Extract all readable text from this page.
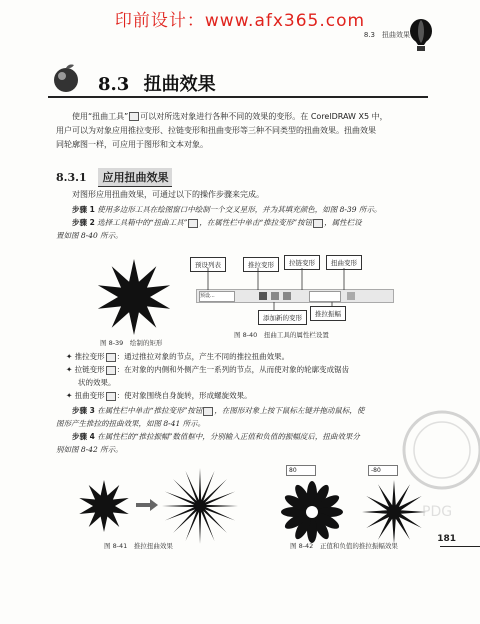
印前设计：www.afx365.com
8.3　扭曲效果
8.3 扭曲效果

使用“扭曲工具” 可以对所选对象进行各种不同的效果的变形。在 CorelDRAW X5 中，

用户可以为对象应用推拉变形、拉链变形和扭曲变形等三种不同类型的扭曲效果。扭曲效果

同轮廓图一样，可应用于图形和文本对象。

8.3.1 应用扭曲效果

对图形应用扭曲效果，可通过以下的操作步骤来完成。

步骤 1 使用多边形工具在绘图窗口中绘制一个交叉星形，并为其填充颜色，如图 8-39 所示。

步骤 2 选择工具箱中的“扭曲工具” ，在属性栏中单击“推拉变形”按钮 ，属性栏设

置如图 8-40 所示。

图 8-39　绘制的矩形
预设列表	推拉变形	拉链变形	扭曲变形
预设...
添加新的变形	推拉振幅
图 8-40　扭曲工具的属性栏设置

✦ 推拉变形 ：通过推拉对象的节点，产生不同的推拉扭曲效果。

✦ 拉链变形 ：在对象的内侧和外侧产生一系列的节点，从而使对象的轮廓变成锯齿

状的效果。

✦ 扭曲变形 ：使对象围绕自身旋转，形成螺旋效果。

步骤 3 在属性栏中单击“推拉变形”按钮 ，在图形对象上按下鼠标左键并拖动鼠标，使

图形产生推拉的扭曲效果，如图 8-41 所示。

步骤 4 在属性栏的“推拉振幅”数值框中，分别输入正值和负值的振幅度后，扭曲效果分

别如图 8-42 所示。

图 8-41　推拉扭曲效果
80	-80
图 8-42　正值和负值的推拉振幅效果
181
PDG
